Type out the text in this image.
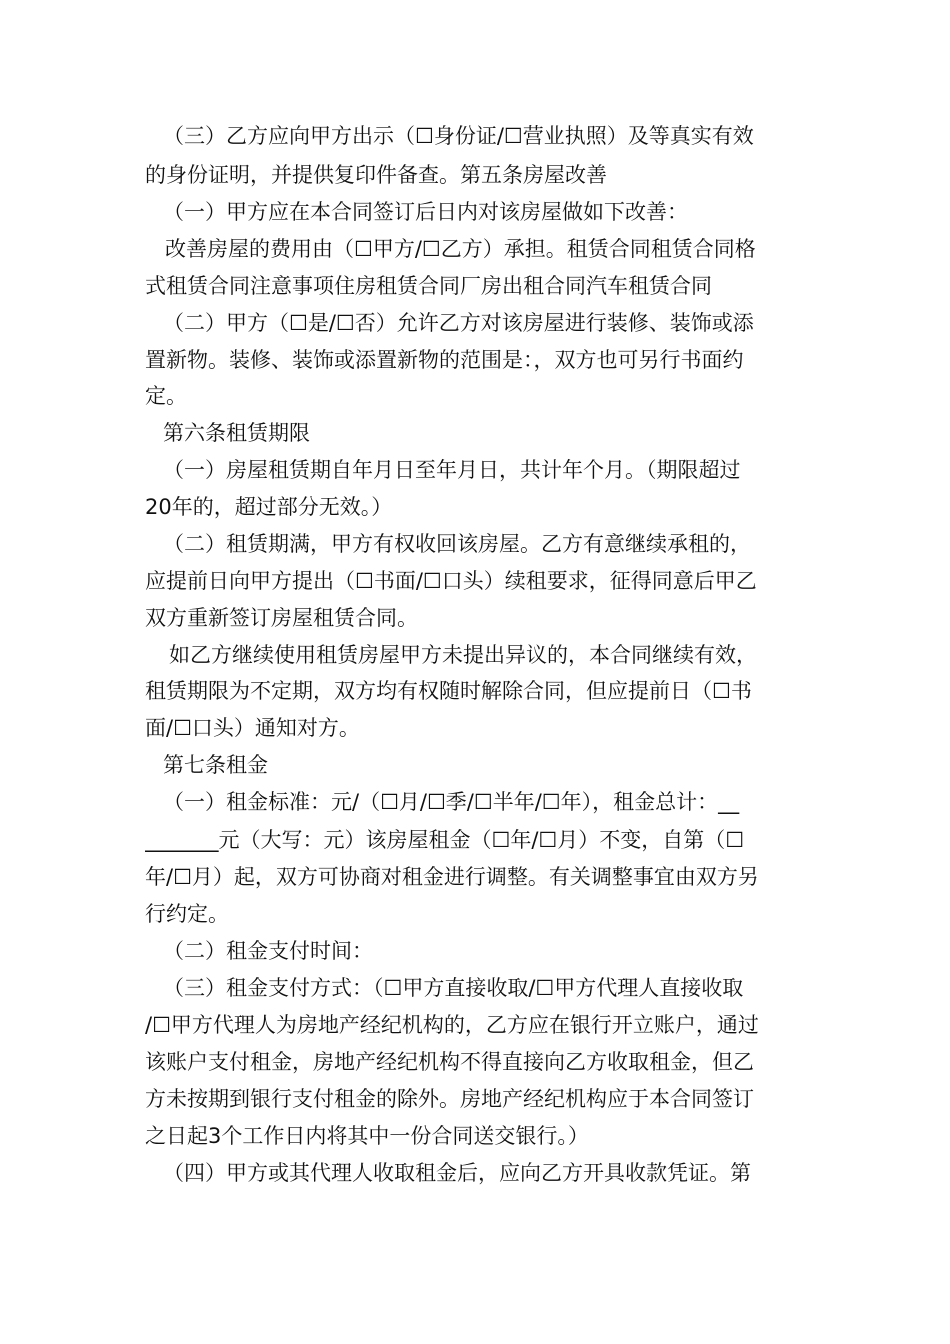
（三）乙方应向甲方出示（☐身份证/☐营业执照）及等真实有效
的身份证明，并提供复印件备查。第五条房屋改善
（一）甲方应在本合同签订后日内对该房屋做如下改善：
改善房屋的费用由（☐甲方/☐乙方）承担。租赁合同租赁合同格
式租赁合同注意事项住房租赁合同厂房出租合同汽车租赁合同
（二）甲方（☐是/☐否）允许乙方对该房屋进行装修、装饰或添
置新物。装修、装饰或添置新物的范围是：，双方也可另行书面约
定。
第六条租赁期限
（一）房屋租赁期自年月日至年月日，共计年个月。（期限超过
20年的，超过部分无效。）
（二）租赁期满，甲方有权收回该房屋。乙方有意继续承租的，
应提前日向甲方提出（☐书面/☐口头）续租要求，征得同意后甲乙
双方重新签订房屋租赁合同。
如乙方继续使用租赁房屋甲方未提出异议的，本合同继续有效，
租赁期限为不定期，双方均有权随时解除合同，但应提前日（☐书
面/☐口头）通知对方。
第七条租金
（一）租金标准：元/（☐月/☐季/☐半年/☐年），租金总计：__
_______元（大写：元）该房屋租金（☐年/☐月）不变，自第（☐
年/☐月）起，双方可协商对租金进行调整。有关调整事宜由双方另
行约定。
（二）租金支付时间：
（三）租金支付方式：（☐甲方直接收取/☐甲方代理人直接收取
/☐甲方代理人为房地产经纪机构的，乙方应在银行开立账户，通过
该账户支付租金，房地产经纪机构不得直接向乙方收取租金，但乙
方未按期到银行支付租金的除外。房地产经纪机构应于本合同签订
之日起3个工作日内将其中一份合同送交银行。）
（四）甲方或其代理人收取租金后，应向乙方开具收款凭证。第
